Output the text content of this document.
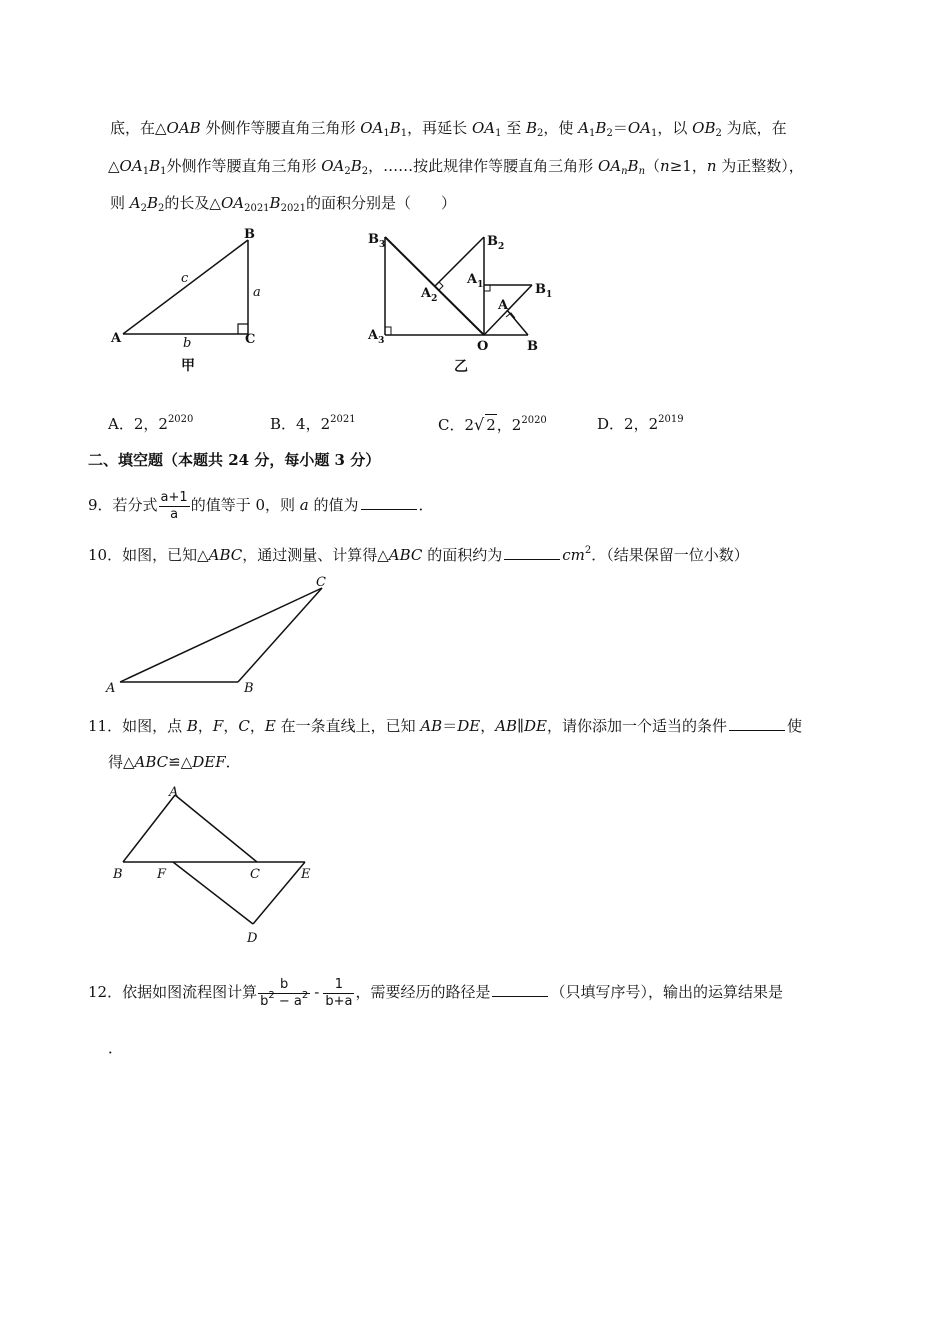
底，在△OAB 外侧作等腰直角三角形 $OA_1B_1$，再延长 $OA_1$ 至 $B_2$，使 $A_1B_2=OA_1$，以 $OB_2$ 为底，在
$\triangle OA_1B_1$外侧作等腰直角三角形 $OA_2B_2$，……按此规律作等腰直角三角形 $OA_nB_n(n\ge 1$，n 为正整数），
则 $A_2B_2$的长及$\triangle OA_{2021}B_{2021}$的面积分别是（　　）
A
B
C
a
b
c
甲
$B_3$	$B_2$
$A_1$
$A_2$
$B_1$
A
$A_3$	O	B
乙
A．2，$2^{2020}$	B．4，$2^{2021}$	C．2√ 2，$2^{2020}$	D．2，$2^{2019}$
二、填空题（本题共 24 分，每小题 3 分）
9．若分式 $\frac{a+1}{a}$ 的值等于 0，则 a 的值为	．
10．如图，已知△ABC，通过测量、计算得△ABC 的面积约为	$cm^2$．（结果保留一位小数）
A	B
C
11．如图，点 B，F，C，E 在一条直线上，已知 AB＝DE，AB∥DE，请你添加一个适当的条件	使
得△ABC≌△DEF．
A
B	F	C	E
D
12．依据如图流程图计算 $\frac{b}{b^2 - a^2} - \frac{1}{b+a}$ ，需要经历的路径是	（只填写序号），输出的运算结果是
．
